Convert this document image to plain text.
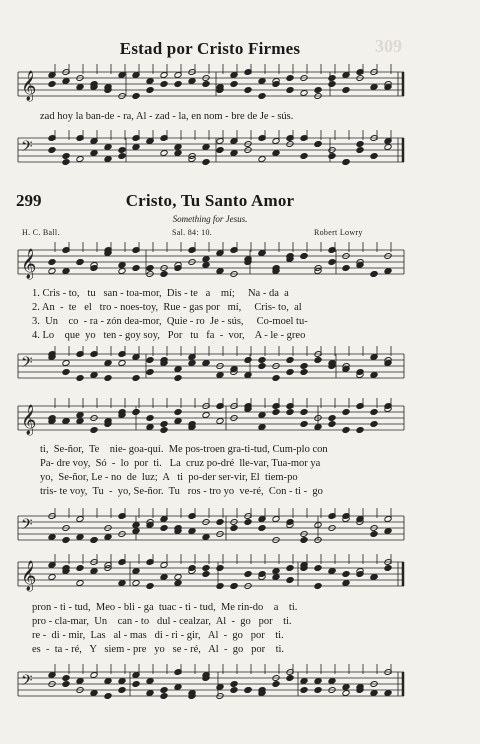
309
Estad por Cristo Firmes
𝄞
zad hoy la ban-de - ra, Al - zad - la, en nom - bre de Je - sús.
𝄢
299	Cristo, Tu Santo Amor
Something for Jesus.
H. C. Ball.	Sal. 84: 10.	Robert Lowry
𝄞
1. Cris - to,   tu   san - toa-mor,  Dis - te   a    mí;     Na - da  a
2. An  -  te   el   tro - noes-toy,  Rue - gas por   mí,     Cris- to,  al
3.  Un    co  - ra - zón dea-mor,  Quie - ro  Je - sús,     Co-moel tu-
4. Lo    que  yo   ten - goy soy,   Por   tu   fa  -  vor,    A - le - greo
𝄢
𝄞
ti,  Se-ñor,  Te    nie- goa-quí.  Me pos-troen gra-ti-tud, Cum-plo con
Pa- dre voy,  Só  -  lo  por  ti.   La  cruz po-dré  lle-var, Tua-mor ya
yo,  Se-ñor, Le - no  de  luz;  A   ti  po-der ser-vir, El  tiem-po
tris- te voy,  Tu  -  yo, Se-ñor.  Tu   ros - tro yo  ve-ré,  Con - ti -  go
𝄢
𝄞
pron - ti - tud,  Meo - bli - ga  tuac - ti - tud,  Me rin-do    a    ti.
pro - cla-mar,  Un    can - to   dul - cealzar,  Al  -  go   por    ti.
re -  di - mir,  Las   al - mas   di - ri - gir,   Al  -  go   por    ti.
es  -  ta - ré,   Y   siem - pre   yo   se - ré,   Al  -  go   por    ti.
𝄢
